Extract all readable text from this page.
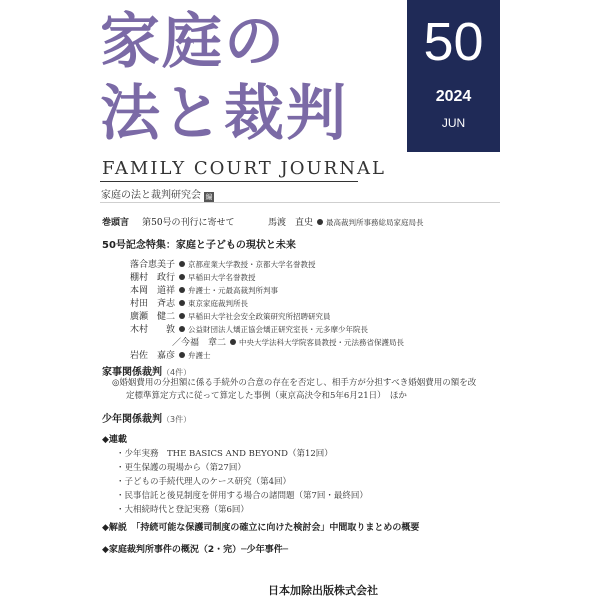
家庭の
法と裁判
50
2024
JUN
FAMILY COURT JOURNAL
家庭の法と裁判研究会 編
巻頭言 第50号の刊行に寄せて	馬渡　直史 最高裁判所事務総局家庭局長
50号記念特集：家庭と子どもの現状と未来
落合恵美子 京都産業大学教授・京都大学名誉教授
棚村　政行 早稲田大学名誉教授
本岡　道祥 弁護士・元最高裁判所判事
村田　斉志 東京家庭裁判所長
廣瀬　健二 早稲田大学社会安全政策研究所招聘研究員
木村　　敦 公益財団法人矯正協会矯正研究室長・元多摩少年院長
／今福　章二 中央大学法科大学院客員教授・元法務省保護局長
岩佐　嘉彦 弁護士
家事関係裁判（4件）
◎婚姻費用の分担額に係る手続外の合意の存在を否定し、相手方が分担すべき婚姻費用の額を改
定標準算定方式に従って算定した事例（東京高決令和5年6月21日）　ほか
少年関係裁判（3件）
◆連載
・少年実務　THE BASICS AND BEYOND（第12回）
・更生保護の現場から（第27回）
・子どもの手続代理人のケース研究（第4回）
・民事信託と後見制度を併用する場合の諸問題（第7回・最終回）
・大相続時代と登記実務（第6回）
◆解説　「持続可能な保護司制度の確立に向けた検討会」中間取りまとめの概要
◆家庭裁判所事件の概況（2・完）─少年事件─
日本加除出版株式会社
